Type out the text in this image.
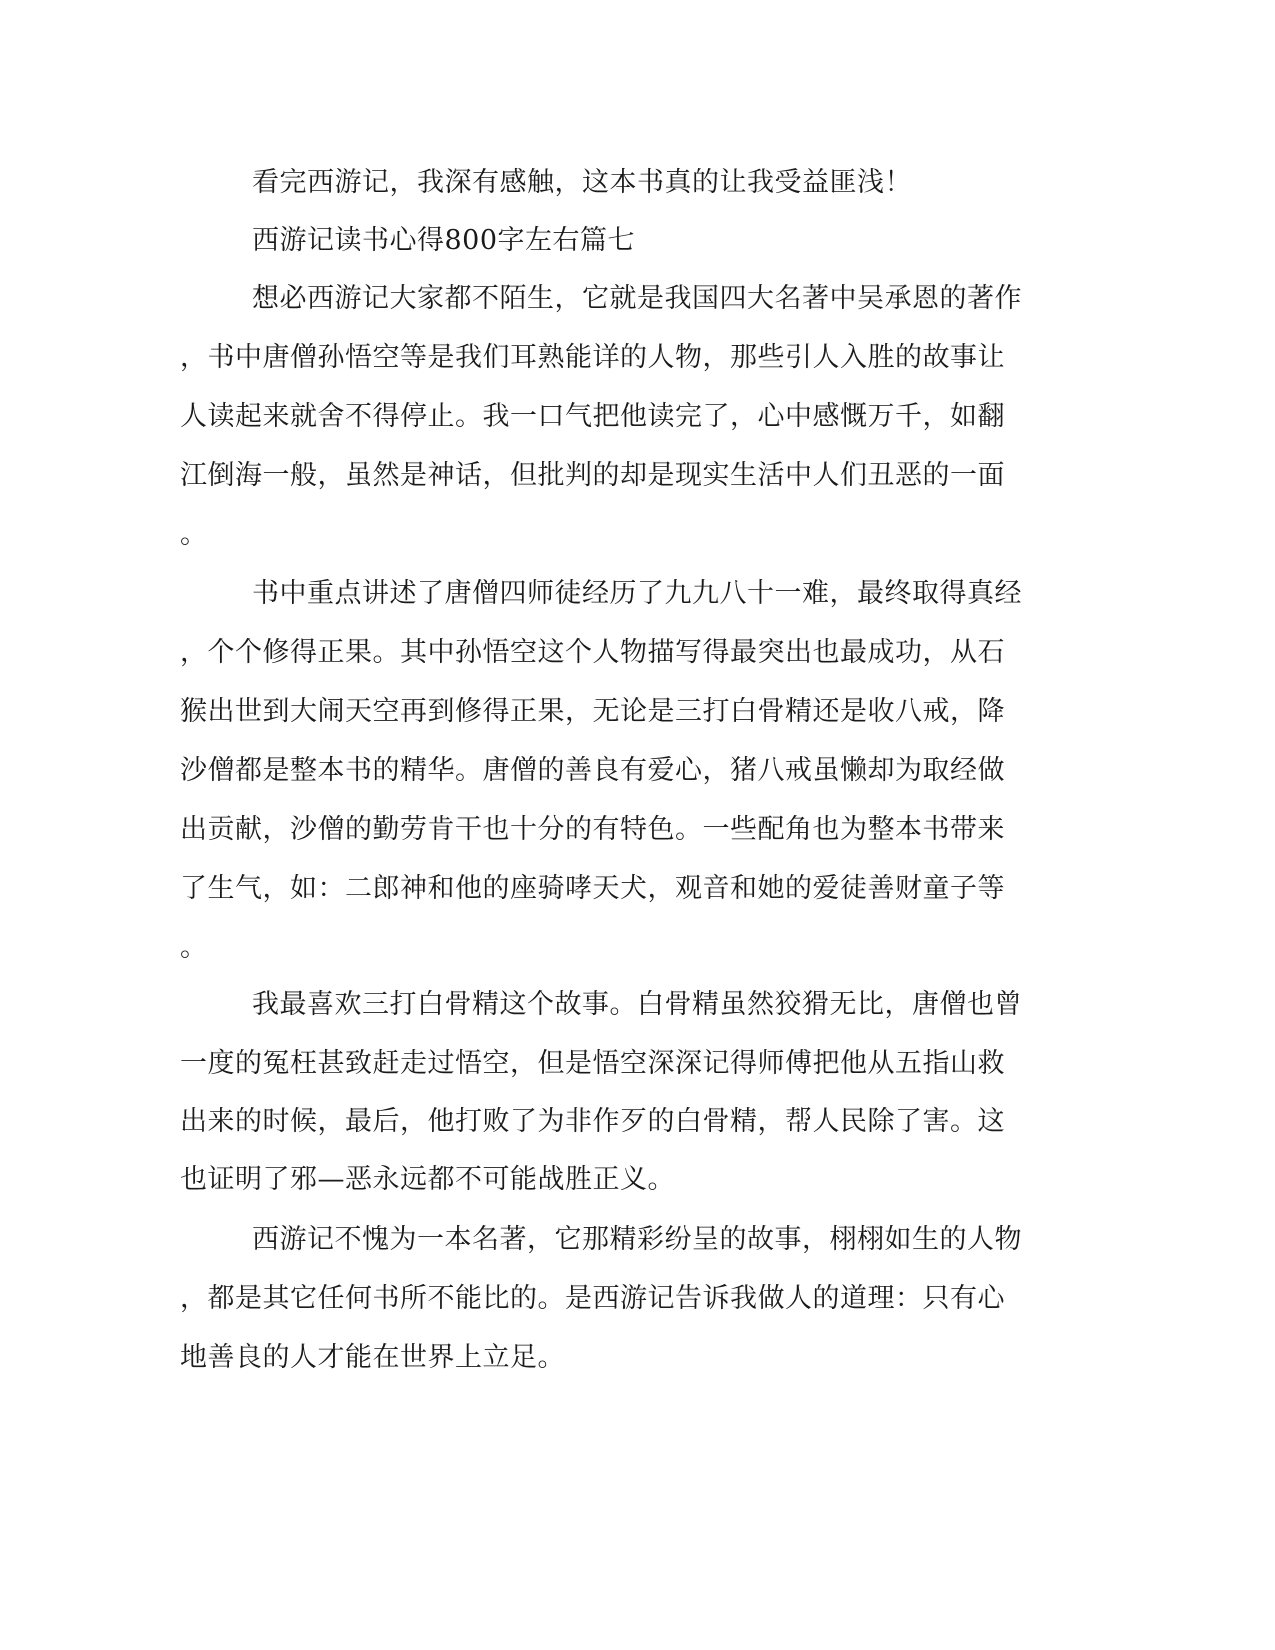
看完西游记，我深有感触，这本书真的让我受益匪浅！
西游记读书心得800字左右篇七
想必西游记大家都不陌生，它就是我国四大名著中吴承恩的著作
，书中唐僧孙悟空等是我们耳熟能详的人物，那些引人入胜的故事让
人读起来就舍不得停止。我一口气把他读完了，心中感慨万千，如翻
江倒海一般，虽然是神话，但批判的却是现实生活中人们丑恶的一面
。
书中重点讲述了唐僧四师徒经历了九九八十一难，最终取得真经
，个个修得正果。其中孙悟空这个人物描写得最突出也最成功，从石
猴出世到大闹天空再到修得正果，无论是三打白骨精还是收八戒，降
沙僧都是整本书的精华。唐僧的善良有爱心，猪八戒虽懒却为取经做
出贡献，沙僧的勤劳肯干也十分的有特色。一些配角也为整本书带来
了生气，如：二郎神和他的座骑哮天犬，观音和她的爱徒善财童子等
。
我最喜欢三打白骨精这个故事。白骨精虽然狡猾无比，唐僧也曾
一度的冤枉甚致赶走过悟空，但是悟空深深记得师傅把他从五指山救
出来的时候，最后，他打败了为非作歹的白骨精，帮人民除了害。这
也证明了邪—恶永远都不可能战胜正义。
西游记不愧为一本名著，它那精彩纷呈的故事，栩栩如生的人物
，都是其它任何书所不能比的。是西游记告诉我做人的道理：只有心
地善良的人才能在世界上立足。
